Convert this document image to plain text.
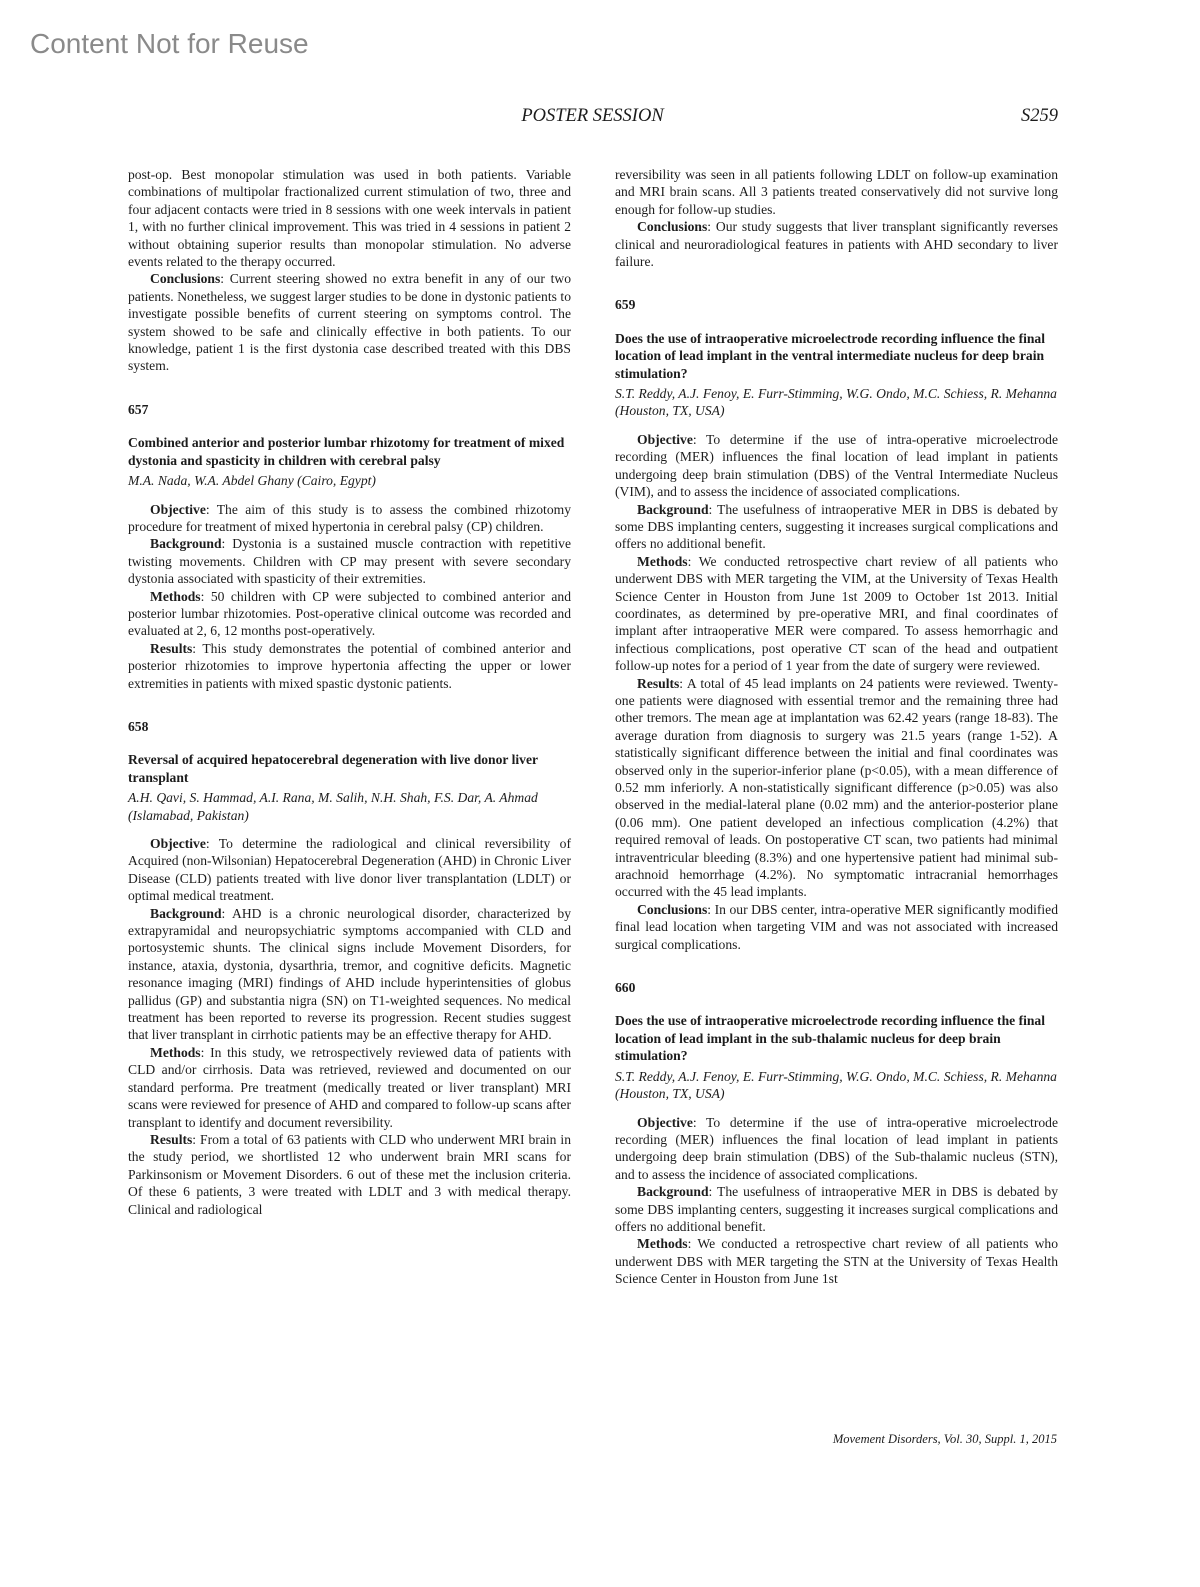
Content Not for Reuse
POSTER SESSION	S259

post-op. Best monopolar stimulation was used in both patients. Variable combinations of multipolar fractionalized current stimulation of two, three and four adjacent contacts were tried in 8 sessions with one week intervals in patient 1, with no further clinical improvement. This was tried in 4 sessions in patient 2 without obtaining superior results than monopolar stimulation. No adverse events related to the therapy occurred.

Conclusions: Current steering showed no extra benefit in any of our two patients. Nonetheless, we suggest larger studies to be done in dystonic patients to investigate possible benefits of current steering on symptoms control. The system showed to be safe and clinically effective in both patients. To our knowledge, patient 1 is the first dystonia case described treated with this DBS system.

657

Combined anterior and posterior lumbar rhizotomy for treatment of mixed dystonia and spasticity in children with cerebral palsy

M.A. Nada, W.A. Abdel Ghany (Cairo, Egypt)

Objective: The aim of this study is to assess the combined rhizotomy procedure for treatment of mixed hypertonia in cerebral palsy (CP) children.

Background: Dystonia is a sustained muscle contraction with repetitive twisting movements. Children with CP may present with severe secondary dystonia associated with spasticity of their extremities.

Methods: 50 children with CP were subjected to combined anterior and posterior lumbar rhizotomies. Post-operative clinical outcome was recorded and evaluated at 2, 6, 12 months post-operatively.

Results: This study demonstrates the potential of combined anterior and posterior rhizotomies to improve hypertonia affecting the upper or lower extremities in patients with mixed spastic dystonic patients.

658

Reversal of acquired hepatocerebral degeneration with live donor liver transplant

A.H. Qavi, S. Hammad, A.I. Rana, M. Salih, N.H. Shah, F.S. Dar, A. Ahmad (Islamabad, Pakistan)

Objective: To determine the radiological and clinical reversibility of Acquired (non-Wilsonian) Hepatocerebral Degeneration (AHD) in Chronic Liver Disease (CLD) patients treated with live donor liver transplantation (LDLT) or optimal medical treatment.

Background: AHD is a chronic neurological disorder, characterized by extrapyramidal and neuropsychiatric symptoms accompanied with CLD and portosystemic shunts. The clinical signs include Movement Disorders, for instance, ataxia, dystonia, dysarthria, tremor, and cognitive deficits. Magnetic resonance imaging (MRI) findings of AHD include hyperintensities of globus pallidus (GP) and substantia nigra (SN) on T1-weighted sequences. No medical treatment has been reported to reverse its progression. Recent studies suggest that liver transplant in cirrhotic patients may be an effective therapy for AHD.

Methods: In this study, we retrospectively reviewed data of patients with CLD and/or cirrhosis. Data was retrieved, reviewed and documented on our standard performa. Pre treatment (medically treated or liver transplant) MRI scans were reviewed for presence of AHD and compared to follow-up scans after transplant to identify and document reversibility.

Results: From a total of 63 patients with CLD who underwent MRI brain in the study period, we shortlisted 12 who underwent brain MRI scans for Parkinsonism or Movement Disorders. 6 out of these met the inclusion criteria. Of these 6 patients, 3 were treated with LDLT and 3 with medical therapy. Clinical and radiological

reversibility was seen in all patients following LDLT on follow-up examination and MRI brain scans. All 3 patients treated conservatively did not survive long enough for follow-up studies.

Conclusions: Our study suggests that liver transplant significantly reverses clinical and neuroradiological features in patients with AHD secondary to liver failure.

659

Does the use of intraoperative microelectrode recording influence the final location of lead implant in the ventral intermediate nucleus for deep brain stimulation?

S.T. Reddy, A.J. Fenoy, E. Furr-Stimming, W.G. Ondo, M.C. Schiess, R. Mehanna (Houston, TX, USA)

Objective: To determine if the use of intra-operative microelectrode recording (MER) influences the final location of lead implant in patients undergoing deep brain stimulation (DBS) of the Ventral Intermediate Nucleus (VIM), and to assess the incidence of associated complications.

Background: The usefulness of intraoperative MER in DBS is debated by some DBS implanting centers, suggesting it increases surgical complications and offers no additional benefit.

Methods: We conducted retrospective chart review of all patients who underwent DBS with MER targeting the VIM, at the University of Texas Health Science Center in Houston from June 1st 2009 to October 1st 2013. Initial coordinates, as determined by pre-operative MRI, and final coordinates of implant after intraoperative MER were compared. To assess hemorrhagic and infectious complications, post operative CT scan of the head and outpatient follow-up notes for a period of 1 year from the date of surgery were reviewed.

Results: A total of 45 lead implants on 24 patients were reviewed. Twenty-one patients were diagnosed with essential tremor and the remaining three had other tremors. The mean age at implantation was 62.42 years (range 18-83). The average duration from diagnosis to surgery was 21.5 years (range 1-52). A statistically significant difference between the initial and final coordinates was observed only in the superior-inferior plane (p<0.05), with a mean difference of 0.52 mm inferiorly. A non-statistically significant difference (p>0.05) was also observed in the medial-lateral plane (0.02 mm) and the anterior-posterior plane (0.06 mm). One patient developed an infectious complication (4.2%) that required removal of leads. On postoperative CT scan, two patients had minimal intraventricular bleeding (8.3%) and one hypertensive patient had minimal sub-arachnoid hemorrhage (4.2%). No symptomatic intracranial hemorrhages occurred with the 45 lead implants.

Conclusions: In our DBS center, intra-operative MER significantly modified final lead location when targeting VIM and was not associated with increased surgical complications.

660

Does the use of intraoperative microelectrode recording influence the final location of lead implant in the sub-thalamic nucleus for deep brain stimulation?

S.T. Reddy, A.J. Fenoy, E. Furr-Stimming, W.G. Ondo, M.C. Schiess, R. Mehanna (Houston, TX, USA)

Objective: To determine if the use of intra-operative microelectrode recording (MER) influences the final location of lead implant in patients undergoing deep brain stimulation (DBS) of the Sub-thalamic nucleus (STN), and to assess the incidence of associated complications.

Background: The usefulness of intraoperative MER in DBS is debated by some DBS implanting centers, suggesting it increases surgical complications and offers no additional benefit.

Methods: We conducted a retrospective chart review of all patients who underwent DBS with MER targeting the STN at the University of Texas Health Science Center in Houston from June 1st

Movement Disorders, Vol. 30, Suppl. 1, 2015
